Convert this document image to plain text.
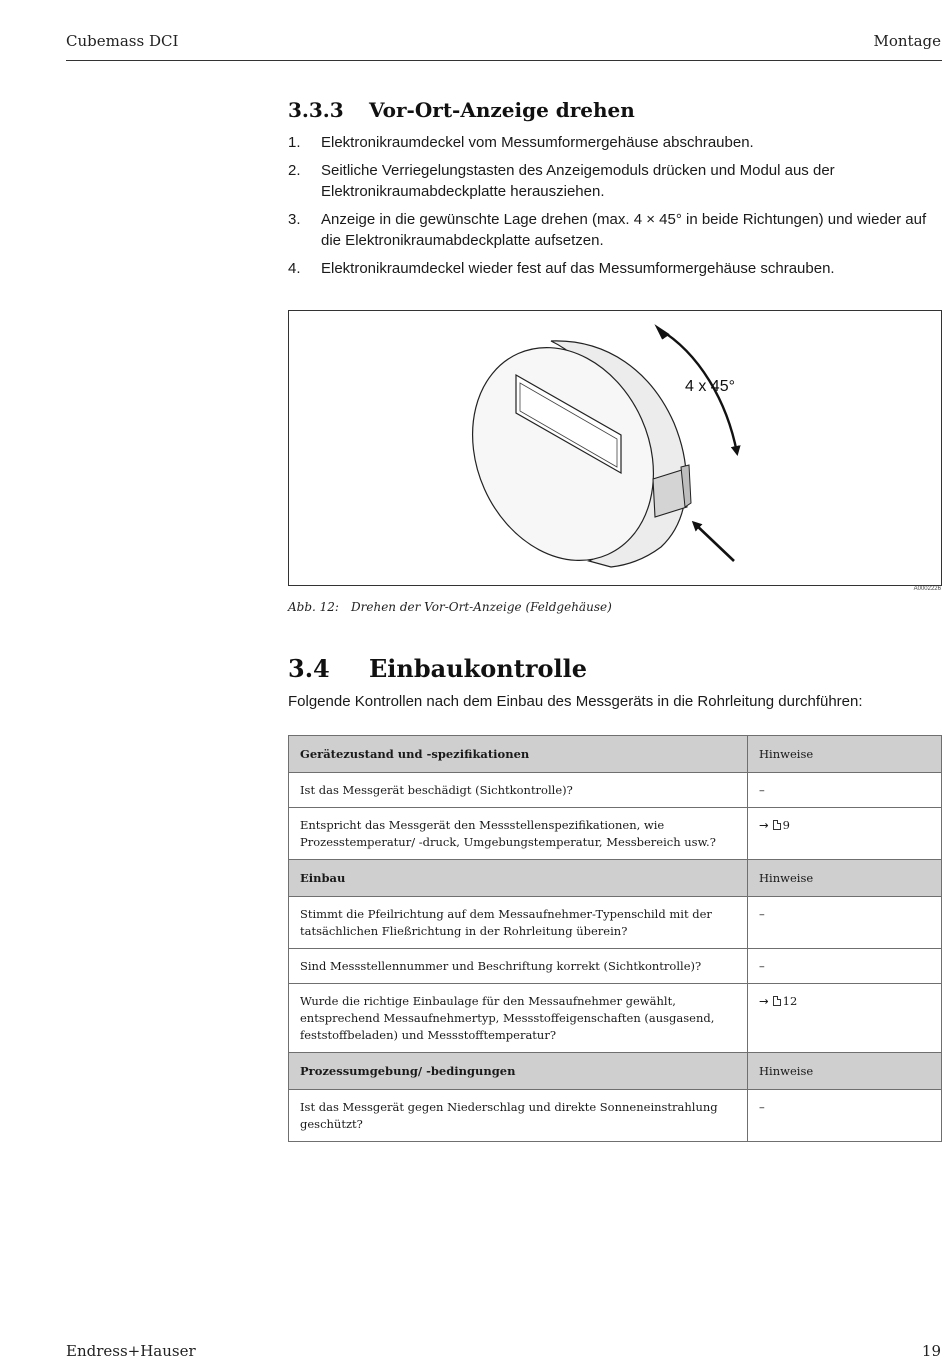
Cubemass DCI	Montage
3.3.3 Vor-Ort-Anzeige drehen
1. Elektronikraumdeckel vom Messumformergehäuse abschrauben.
2. Seitliche Verriegelungstasten des Anzeigemoduls drücken und Modul aus der Elektronikraumabdeckplatte herausziehen.
3. Anzeige in die gewünschte Lage drehen (max. 4 × 45° in beide Richtungen) und wieder auf die Elektronikraumabdeckplatte aufsetzen.
4. Elektronikraumdeckel wieder fest auf das Messumformergehäuse schrauben.
4 x 45°
A0002226
Abb. 12: Drehen der Vor-Ort-Anzeige (Feldgehäuse)
3.4 Einbaukontrolle
Folgende Kontrollen nach dem Einbau des Messgeräts in die Rohrleitung durchführen:
Gerätezustand und -spezifikationen	Hinweise
Ist das Messgerät beschädigt (Sichtkontrolle)?	–
Entspricht das Messgerät den Messstellenspezifikationen, wie Prozesstemperatur/ -druck, Umgebungstemperatur, Messbereich usw.?	→ 9
Einbau	Hinweise
Stimmt die Pfeilrichtung auf dem Messaufnehmer-Typenschild mit der tatsächlichen Fließrichtung in der Rohrleitung überein?	–
Sind Messstellennummer und Beschriftung korrekt (Sichtkontrolle)?	–
Wurde die richtige Einbaulage für den Messaufnehmer gewählt, entsprechend Messaufnehmertyp, Messstoffeigenschaften (ausgasend, feststoffbeladen) und Messstofftemperatur?	→ 12
Prozessumgebung/ -bedingungen	Hinweise
Ist das Messgerät gegen Niederschlag und direkte Sonneneinstrahlung geschützt?	–
Endress+Hauser	19
